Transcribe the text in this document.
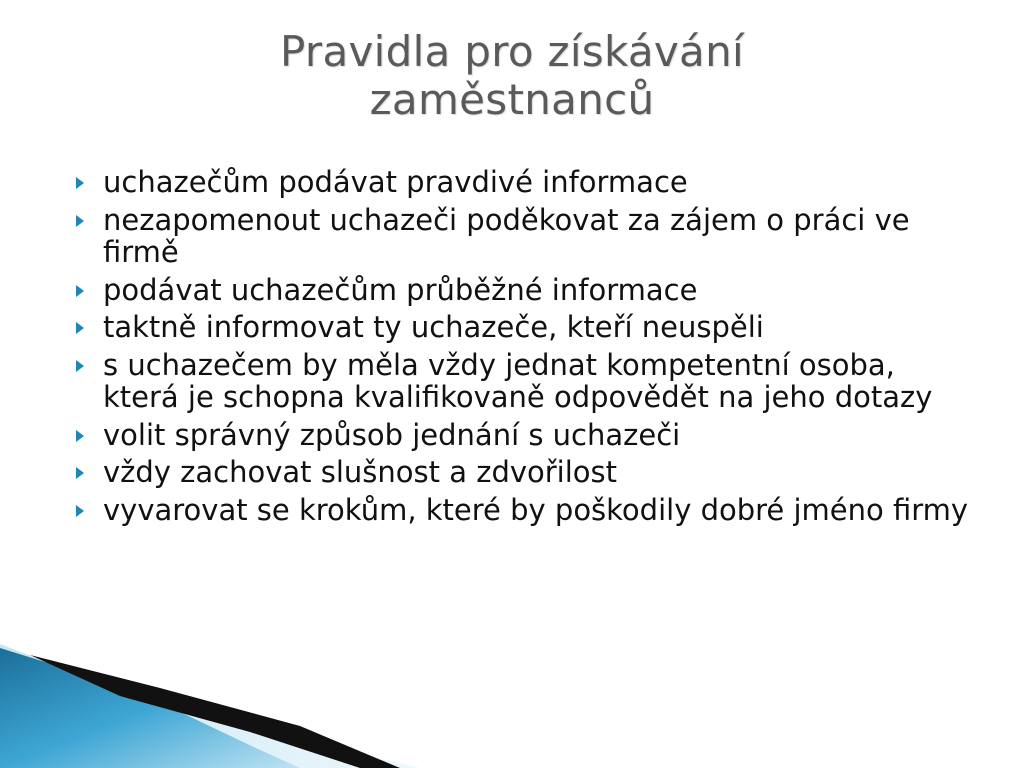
Pravidla pro získávání zaměstnanců
uchazečům podávat pravdivé informace
nezapomenout uchazeči poděkovat za zájem o práci ve firmě
podávat uchazečům průběžné informace
taktně informovat ty uchazeče, kteří neuspěli
s uchazečem by měla vždy jednat kompetentní osoba, která je schopna kvalifikovaně odpovědět na jeho dotazy
volit správný způsob jednání s uchazeči
vždy zachovat slušnost a zdvořilost
vyvarovat se krokům, které by poškodily dobré jméno firmy
